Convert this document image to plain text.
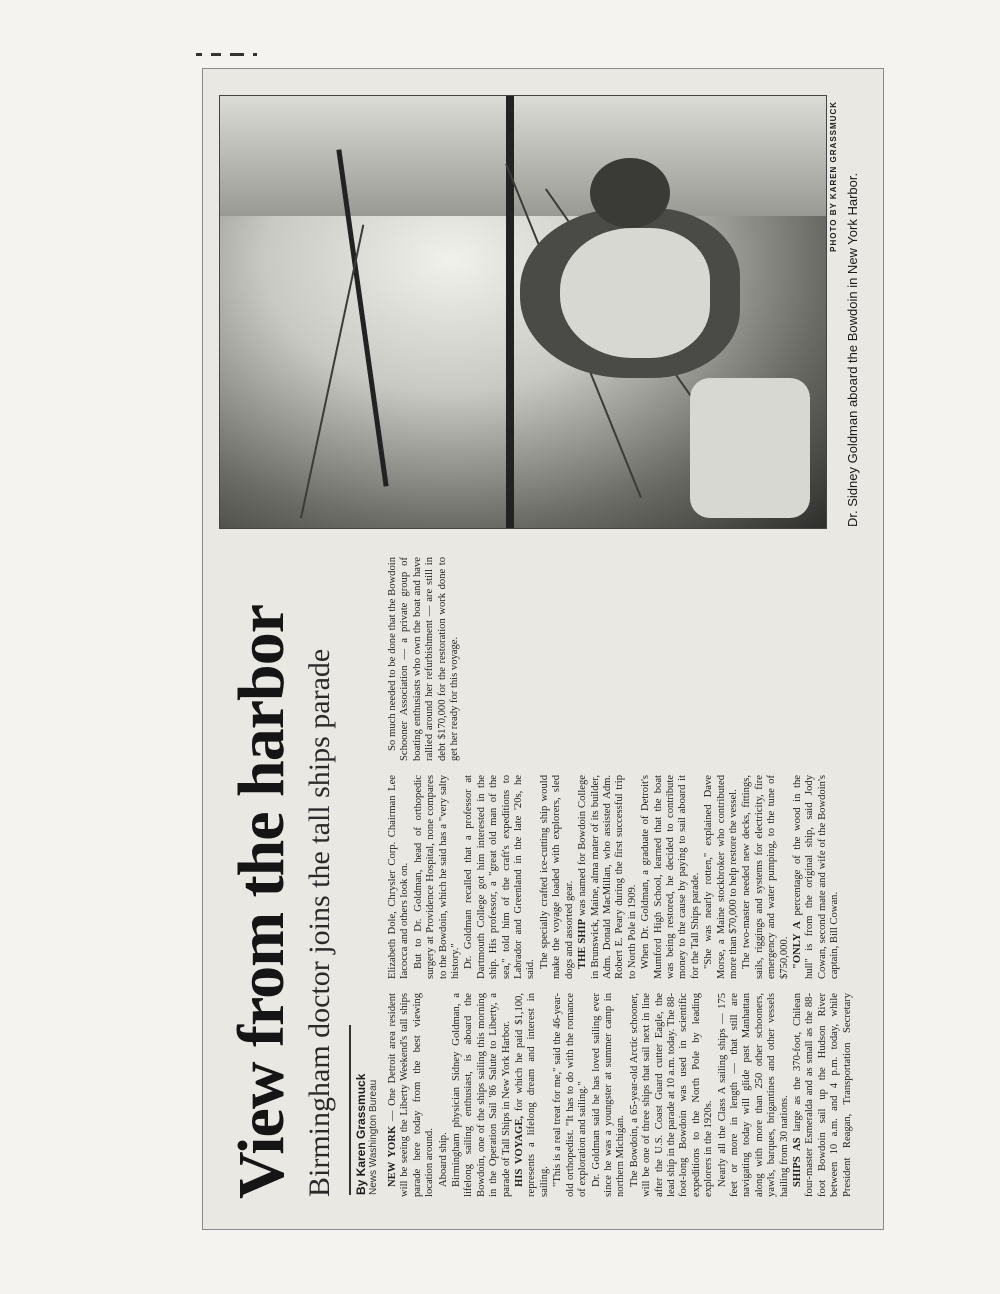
View from the harbor Birmingham doctor joins the tall ships parade By Karen Grassmuck News Washington Bureau NEW YORK — One Detroit area resident will be seeing the Liberty Weekend's tall ships parade here today from the best viewing location around. Aboard ship. Birmingham physician Sidney Goldman, a lifelong sailing enthusiast, is aboard the Bowdoin, one of the ships sailing this morning in the Operation Sail '86 Salute to Liberty, a parade of Tall Ships in New York Harbor. HIS VOYAGE, for which he paid $1,100, represents a lifelong dream and interest in sailing. "This is a real treat for me," said the 46-year-old orthopedist. "It has to do with the romance of exploration and sailing." Dr. Goldman said he has loved sailing ever since he was a youngster at summer camp in northern Michigan. The Bowdoin, a 65-year-old Arctic schooner, will be one of three ships that sail next in line after the U.S. Coast Guard cutter Eagle, the lead ship in the parade at 10 a.m. today. The 88-foot-long Bowdoin was used in scientific expeditions to the North Pole by leading explorers in the 1920s. Nearly all the Class A sailing ships — 175 feet or more in length — that still are navigating today will glide past Manhattan along with more than 250 other schooners, yawls, barques, brigantines and other vessels hailing from 30 nations. SHIPS AS large as the 370-foot, Chilean four-master Esmeralda and as small as the 88-foot Bowdoin sail up the Hudson River between 10 a.m. and 4 p.m. today, while President Reagan, Transportation Secretary Elizabeth Dole, Chrysler Corp. Chairman Lee Iacocca and others look on. But to Dr. Goldman, head of orthopedic surgery at Providence Hospital, none compares to the Bowdoin, which he said has a "very salty history." Dr. Goldman recalled that a professor at Dartmouth College got him interested in the ship. His professor, a "great old man of the sea," told him of the craft's expeditions to Labrador and Greenland in the late '20s, he said.

The specially crafted ice-cutting ship would make the voyage loaded with explorers, sled dogs and assorted gear. THE SHIP was named for Bowdoin College in Brunswick, Maine, alma mater of its builder, Adm. Donald MacMillan, who assisted Adm. Robert E. Peary during the first successful trip to North Pole in 1909. When Dr. Goldman, a graduate of Detroit's Mumford High School, learned that the boat was being restored, he decided to contribute money to the cause by paying to sail aboard it for the Tall Ships parade. "She was nearly rotten," explained Dave Morse, a Maine stockbroker who contributed more than $70,000 to help restore the vessel. The two-master needed new decks, fittings, sails, riggings and systems for electricity, fire emergency and water pumping, to the tune of $750,000. "ONLY A percentage of the wood in the hull" is from the original ship, said Jody Cowan, second mate and wife of the Bowdoin's captain, Bill Cowan.

So much needed to be done that the Bowdoin Schooner Association — a private group of boating enthusiasts who own the boat and have rallied around her refurbishment — are still in debt $170,000 for the restoration work done to get her ready for this voyage.

PHOTO BY KAREN GRASSMUCK Dr. Sidney Goldman aboard the Bowdoin in New York Harbor.
